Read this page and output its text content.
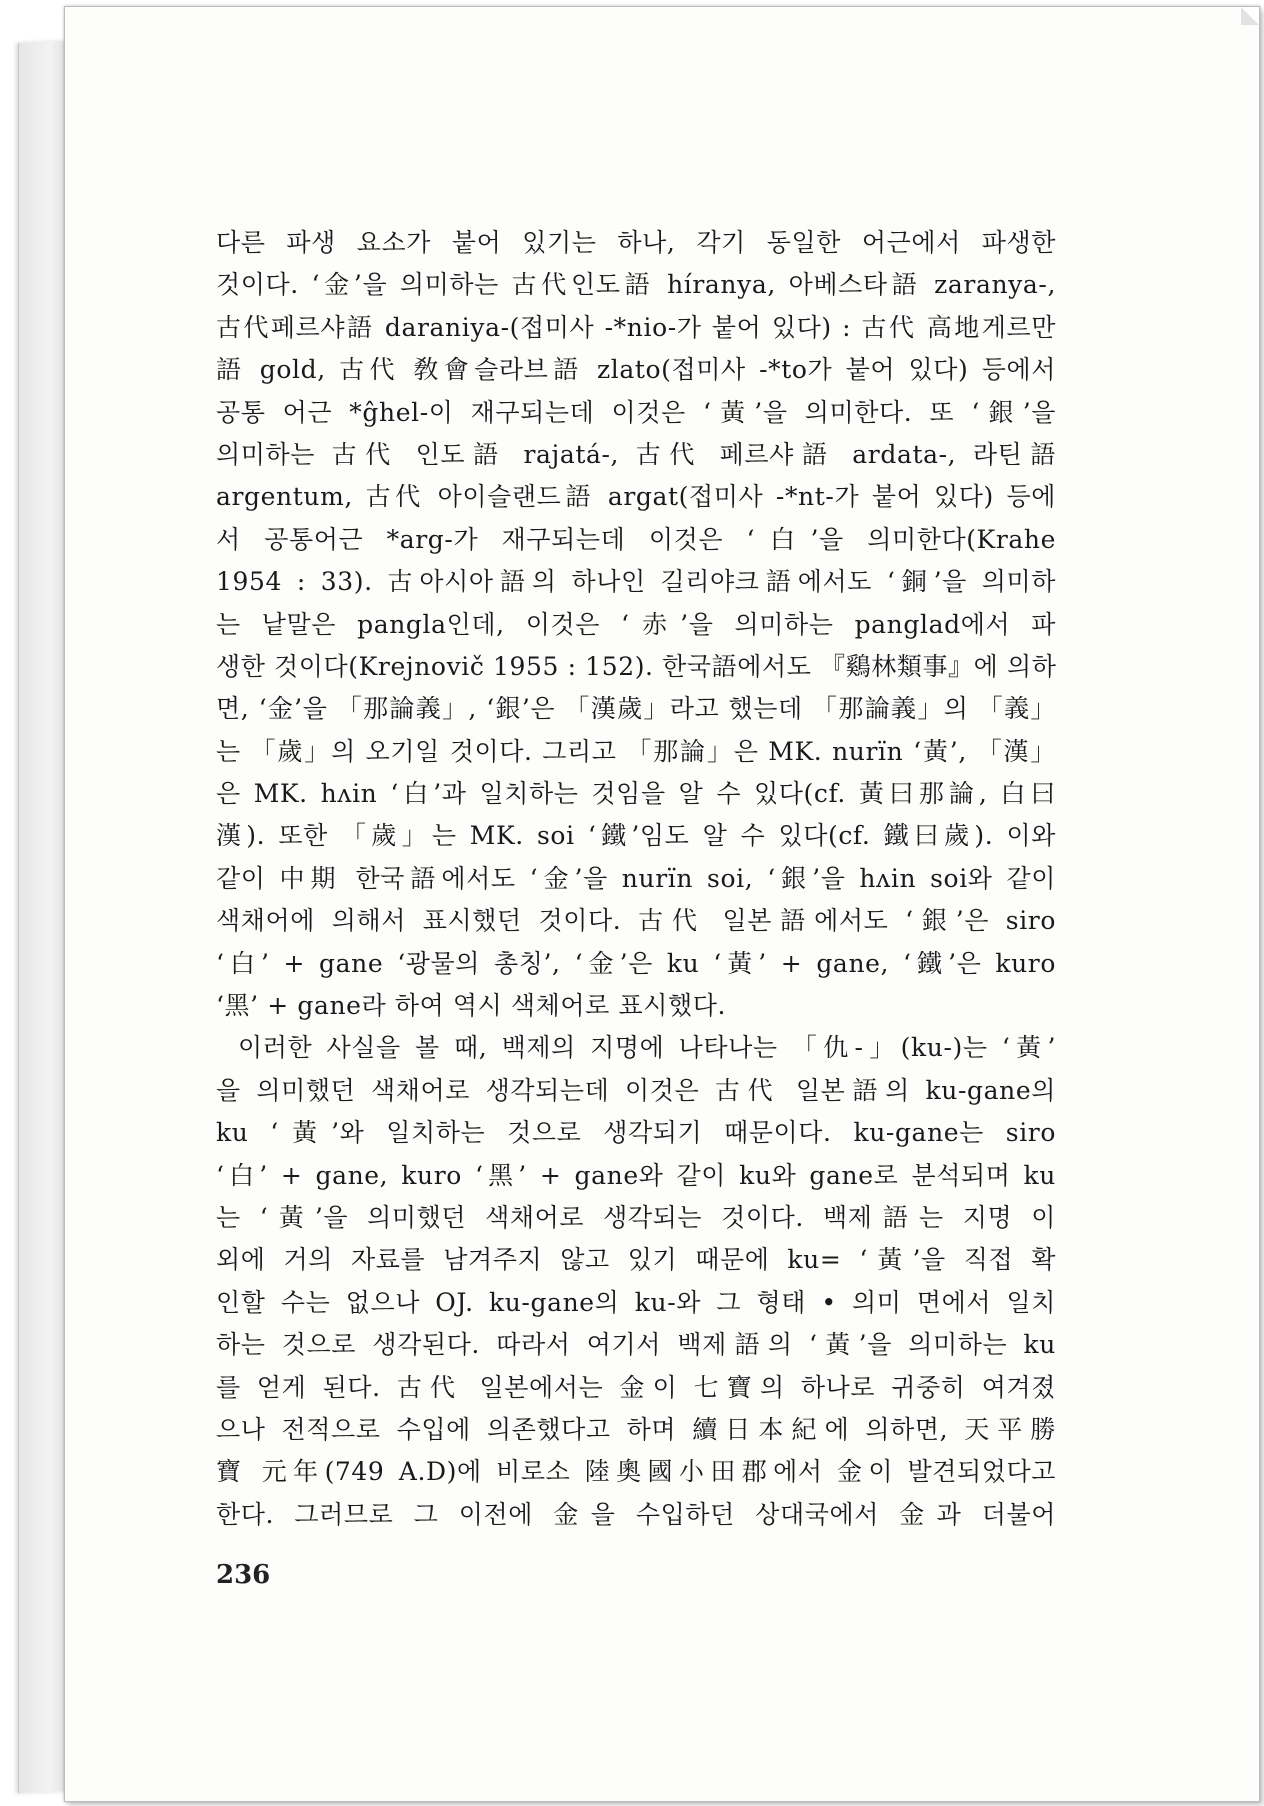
다른 파생 요소가 붙어 있기는 하나, 각기 동일한 어근에서 파생한
것이다. ‘金’을 의미하는 古代인도語 híranya, 아베스타語 zaranya-,
古代페르샤語 daraniya-(접미사 -*nio-가 붙어 있다) : 古代 高地게르만
語 gold, 古代 敎會슬라브語 zlato(접미사 -*to가 붙어 있다) 등에서
공통 어근 *ĝhel-이 재구되는데 이것은 ‘黃’을 의미한다. 또 ‘銀’을
의미하는 古代 인도語 rajatá-, 古代 페르샤語 ardata-, 라틴語
argentum, 古代 아이슬랜드語 argat(접미사 -*nt-가 붙어 있다) 등에
서 공통어근 *arg-가 재구되는데 이것은 ‘白’을 의미한다(Krahe
1954 : 33). 古아시아語의 하나인 길리야크語에서도 ‘銅’을 의미하
는 낱말은 pangla인데, 이것은 ‘赤’을 의미하는 panglad에서 파
생한 것이다(Krejnovič 1955 : 152). 한국語에서도 『鷄林類事』에 의하
면, ‘金’을 「那論義」, ‘銀’은 「漢歲」라고 했는데 「那論義」의 「義」
는 「歲」의 오기일 것이다. 그리고 「那論」은 MK. nurïn ‘黃’, 「漢」
은 MK. hʌin ‘白’과 일치하는 것임을 알 수 있다(cf. 黃曰那論, 白曰
漢). 또한 「歲」는 MK. soi ‘鐵’임도 알 수 있다(cf. 鐵曰歲). 이와
같이 中期 한국語에서도 ‘金’을 nurïn soi, ‘銀’을 hʌin soi와 같이
색채어에 의해서 표시했던 것이다. 古代 일본語에서도 ‘銀’은 siro
‘白’ + gane ‘광물의 총칭’, ‘金’은 ku ‘黃’ + gane, ‘鐵’은 kuro
‘黑’ + gane라 하여 역시 색체어로 표시했다.
이러한 사실을 볼 때, 백제의 지명에 나타나는 「仇-」(ku-)는 ‘黃’
을 의미했던 색채어로 생각되는데 이것은 古代 일본語의 ku-gane의
ku ‘黃’와 일치하는 것으로 생각되기 때문이다. ku-gane는 siro
‘白’ + gane, kuro ‘黑’ + gane와 같이 ku와 gane로 분석되며 ku
는 ‘黃’을 의미했던 색채어로 생각되는 것이다. 백제語는 지명 이
외에 거의 자료를 남겨주지 않고 있기 때문에 ku= ‘黃’을 직접 확
인할 수는 없으나 OJ. ku-gane의 ku-와 그 형태 • 의미 면에서 일치
하는 것으로 생각된다. 따라서 여기서 백제語의 ‘黃’을 의미하는 ku
를 얻게 된다. 古代 일본에서는 金이 七寶의 하나로 귀중히 여겨졌
으나 전적으로 수입에 의존했다고 하며 續日本紀에 의하면, 天平勝
寶 元年(749 A.D)에 비로소 陸奧國小田郡에서 金이 발견되었다고
한다. 그러므로 그 이전에 金을 수입하던 상대국에서 金과 더불어
236
